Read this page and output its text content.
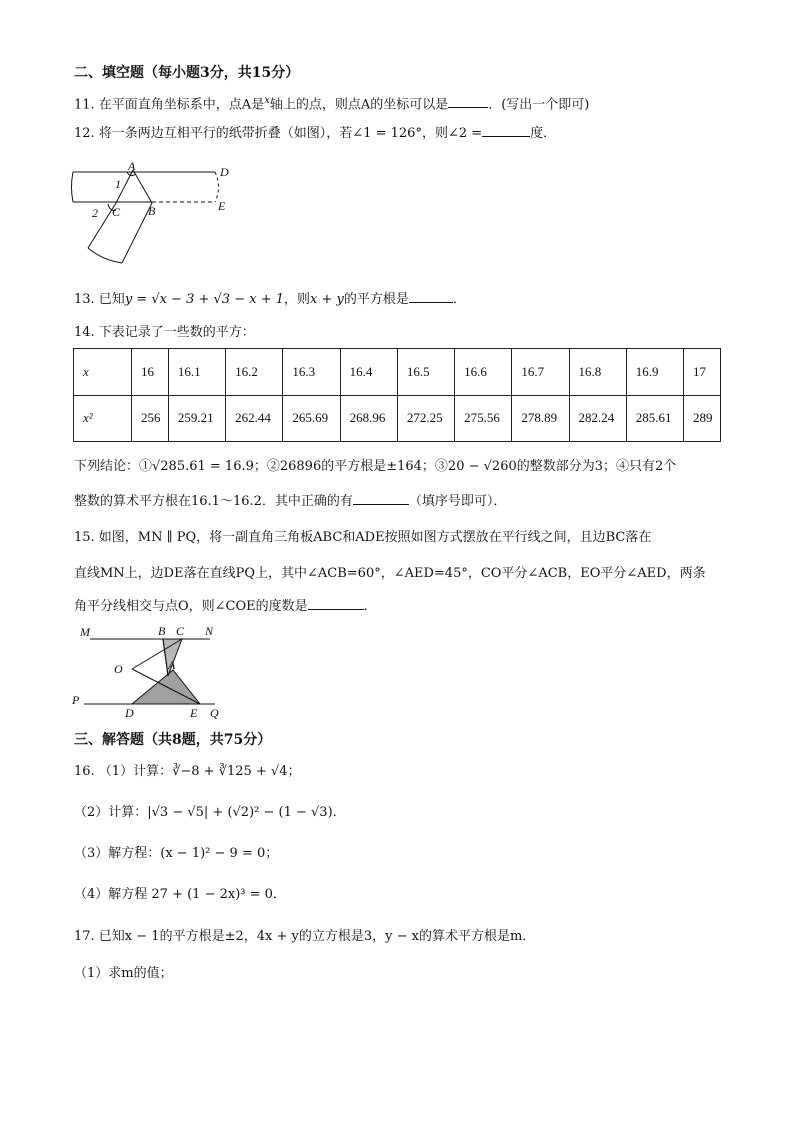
二、填空题（每小题3分，共15分）
11. 在平面直角坐标系中，点A是$^x$轴上的点，则点A的坐标可以是	．(写出一个即可)
12. 将一条两边互相平行的纸带折叠（如图），若∠1 = 126°，则∠2 =	度．
A	D
E
1
2 C B
13. 已知y = √x − 3 + √3 − x + 1，则x + y的平方根是	．
14. 下表记录了一些数的平方：
x	16	16.1	16.2	16.3	16.4	16.5	16.6	16.7	16.8	16.9	17
x²	256	259.21	262.44	265.69	268.96	272.25	275.56	278.89	282.24	285.61	289
下列结论：①√285.61 = 16.9；②26896的平方根是±164；③20 − √260的整数部分为3；④只有2个
整数的算术平方根在16.1～16.2．其中正确的有	（填序号即可）．
15. 如图，MN ∥ PQ，将一副直角三角板ABC和ADE按照如图方式摆放在平行线之间，且边BC落在
直线MN上，边DE落在直线PQ上，其中∠ACB=60°，∠AED=45°，CO平分∠ACB，EO平分∠AED，两条
角平分线相交与点O，则∠COE的度数是	．
M	B C N
O	A
P
D	E Q
三、解答题（共8题，共75分）
16. （1）计算：∛−8 + ∛125 + √4；
（2）计算：|√3 − √5| + (√2)² − (1 − √3)．
（3）解方程：(x − 1)² − 9 = 0；
（4）解方程 27 + (1 − 2x)³ = 0．
17. 已知x − 1的平方根是±2，4x + y的立方根是3，y − x的算术平方根是m．
（1）求m的值；
